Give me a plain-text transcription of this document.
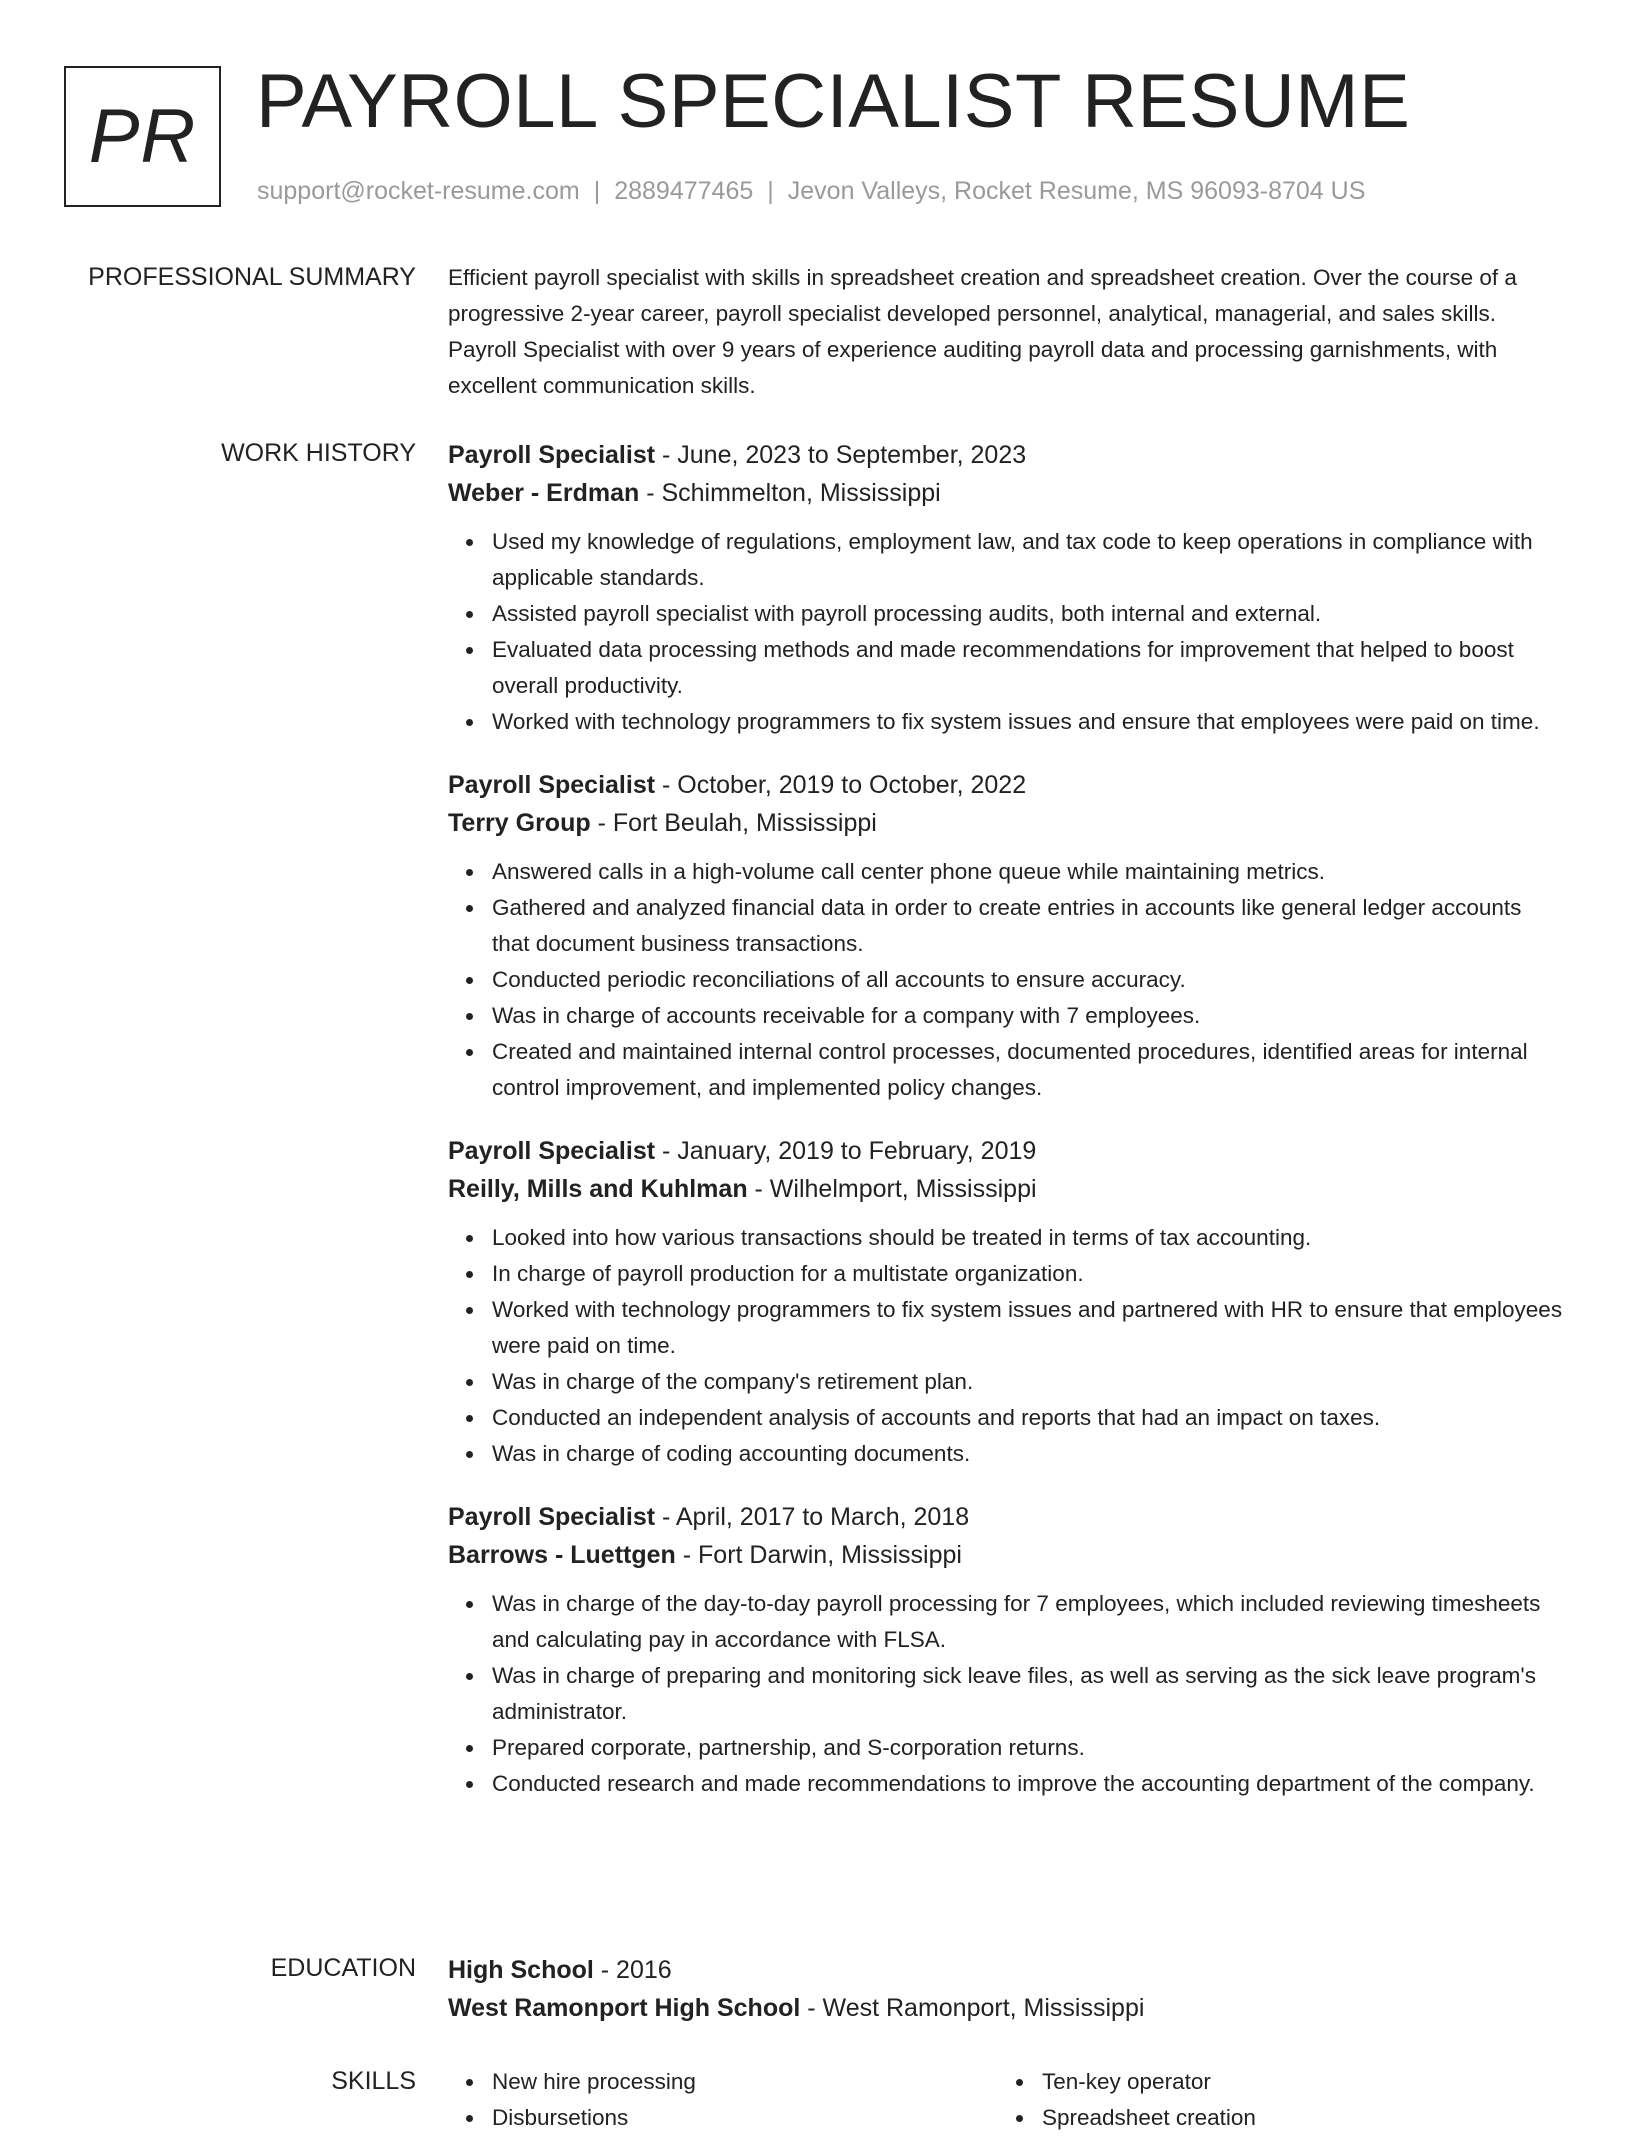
PR PAYROLL SPECIALIST RESUME
support@rocket-resume.com | 2889477465 | Jevon Valleys, Rocket Resume, MS 96093-8704 US
PROFESSIONAL SUMMARY Efficient payroll specialist with skills in spreadsheet creation and spreadsheet creation. Over the course of a progressive 2-year career, payroll specialist developed personnel, analytical, managerial, and sales skills. Payroll Specialist with over 9 years of experience auditing payroll data and processing garnishments, with excellent communication skills.

WORK HISTORY Payroll Specialist - June, 2023 to September, 2023
Weber - Erdman - Schimmelton, Mississippi
Used my knowledge of regulations, employment law, and tax code to keep operations in compliance with applicable standards.
Assisted payroll specialist with payroll processing audits, both internal and external.
Evaluated data processing methods and made recommendations for improvement that helped to boost overall productivity.
Worked with technology programmers to fix system issues and ensure that employees were paid on time.
Payroll Specialist - October, 2019 to October, 2022
Terry Group - Fort Beulah, Mississippi
Answered calls in a high-volume call center phone queue while maintaining metrics.
Gathered and analyzed financial data in order to create entries in accounts like general ledger accounts that document business transactions.
Conducted periodic reconciliations of all accounts to ensure accuracy.
Was in charge of accounts receivable for a company with 7 employees.
Created and maintained internal control processes, documented procedures, identified areas for internal control improvement, and implemented policy changes.
Payroll Specialist - January, 2019 to February, 2019
Reilly, Mills and Kuhlman - Wilhelmport, Mississippi
Looked into how various transactions should be treated in terms of tax accounting.
In charge of payroll production for a multistate organization.
Worked with technology programmers to fix system issues and partnered with HR to ensure that employees were paid on time.
Was in charge of the company's retirement plan.
Conducted an independent analysis of accounts and reports that had an impact on taxes.
Was in charge of coding accounting documents.
Payroll Specialist - April, 2017 to March, 2018
Barrows - Luettgen - Fort Darwin, Mississippi
Was in charge of the day-to-day payroll processing for 7 employees, which included reviewing timesheets and calculating pay in accordance with FLSA.
Was in charge of preparing and monitoring sick leave files, as well as serving as the sick leave program's administrator.
Prepared corporate, partnership, and S-corporation returns.
Conducted research and made recommendations to improve the accounting department of the company.
EDUCATION High School - 2016
West Ramonport High School - West Ramonport, Mississippi
SKILLS	New hire processing
Disbursetions
Ten-key operator
Spreadsheet creation
